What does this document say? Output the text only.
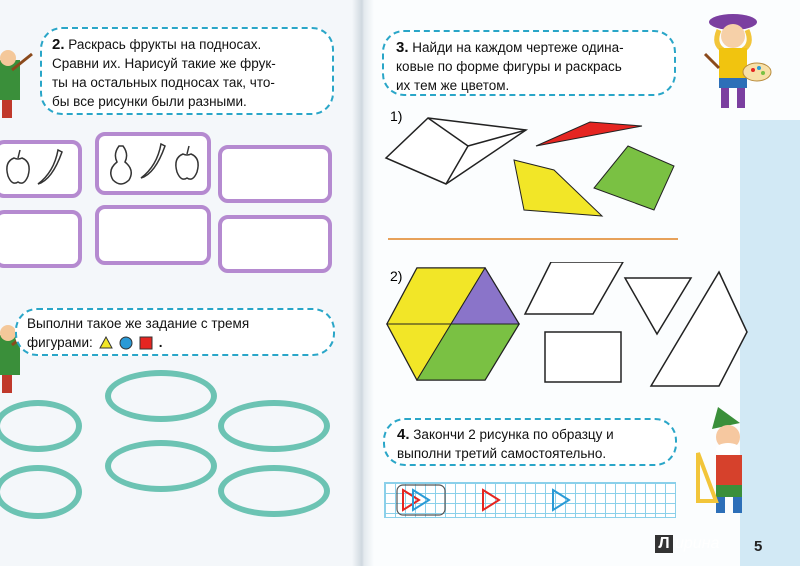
2. Раскрась фрукты на подносах.
Сравни их. Нарисуй такие же фрук-
ты на остальных подносах так, что-
бы все рисунки были разными.
Выполни такое же задание с тремя
фигурами:	.
3. Найди на каждом чертеже одина-
ковые по форме фигуры и раскрась
их тем же цветом.
1)
2)
4. Закончи 2 рисунка по образцу и
выполни третий самостоятельно.
Л ирина 5
